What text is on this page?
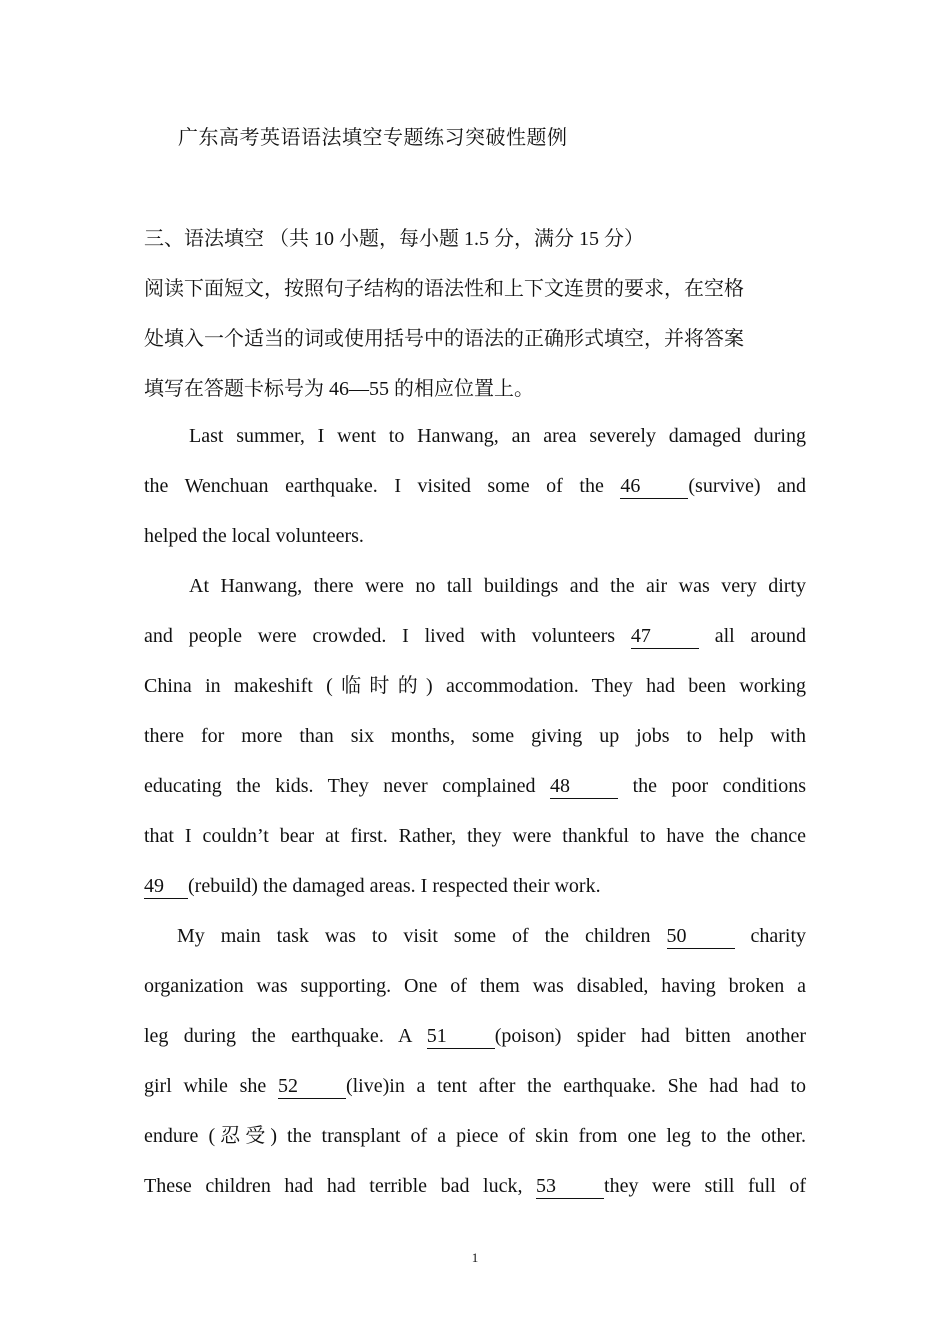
广东高考英语语法填空专题练习突破性题例
三、语法填空 （共 10 小题，每小题 1.5 分，满分 15 分）
阅读下面短文，按照句子结构的语法性和上下文连贯的要求，在空格
处填入一个适当的词或使用括号中的语法的正确形式填空，并将答案
填写在答题卡标号为 46—55 的相应位置上。
Last summer, I went to Hanwang, an area severely damaged during
the Wenchuan earthquake. I visited some of the 46 (survive) and
helped the local volunteers.
At Hanwang, there were no tall buildings and the air was very dirty
and people were crowded. I lived with volunteers 47	all around
China in makeshift (临时的) accommodation. They had been working
there for more than six months, some giving up jobs to help with
educating the kids. They never complained 48	the poor conditions
that I couldn’t bear at first. Rather, they were thankful to have the chance
49 (rebuild) the damaged areas. I respected their work.
My main task was to visit some of the children 50	charity
organization was supporting. One of them was disabled, having broken a
leg during the earthquake. A 51 (poison) spider had bitten another
girl while she 52 (live)in a tent after the earthquake. She had had to
endure (忍受) the transplant of a piece of skin from one leg to the other.
These children had had terrible bad luck, 53 they were still full of
1
